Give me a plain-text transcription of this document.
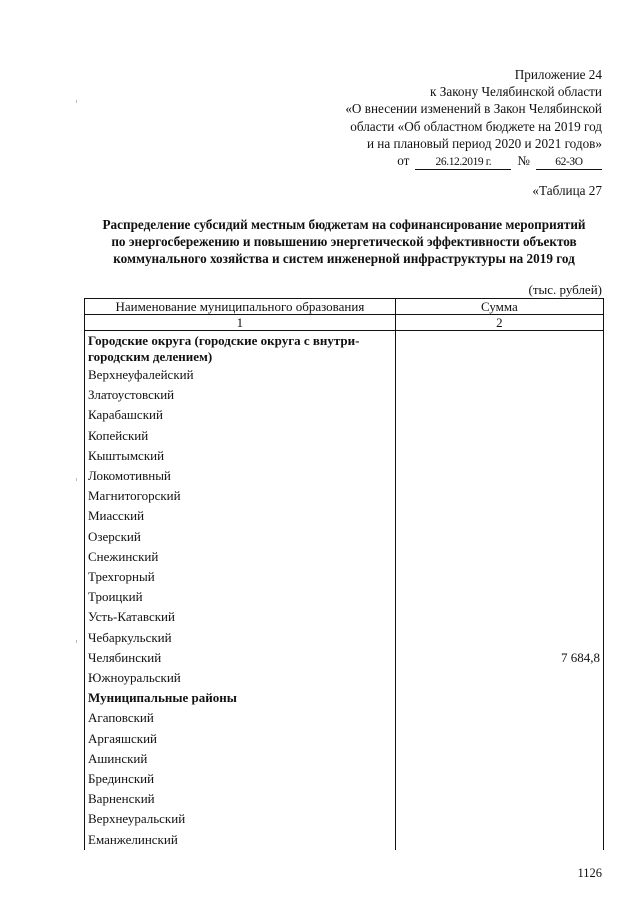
Приложение 24
к Закону Челябинской области
«О внесении изменений в Закон Челябинской
области «Об областном бюджете на 2019 год
и на плановый период 2020 и 2021 годов»
от	26.12.2019 г.	№	62-ЗО
«Таблица 27
Распределение субсидий местным бюджетам на софинансирование мероприятий
по энергосбережению и повышению энергетической эффективности объектов
коммунального хозяйства и систем инженерной инфраструктуры на 2019 год
(тыс. рублей)
Наименование муниципального образования	Сумма
1	2
Городские округа (городские округа с внутри-городским делением)	
Верхнеуфалейский	
Златоустовский	
Карабашский	
Копейский	
Кыштымский	
Локомотивный	
Магнитогорский	
Миасский	
Озерский	
Снежинский	
Трехгорный	
Троицкий	
Усть-Катавский	
Чебаркульский	
Челябинский	7 684,8
Южноуральский	
Муниципальные районы	
Агаповский	
Аргаяшский	
Ашинский	
Брединский	
Варненский	
Верхнеуральский	
Еманжелинский	
1126
